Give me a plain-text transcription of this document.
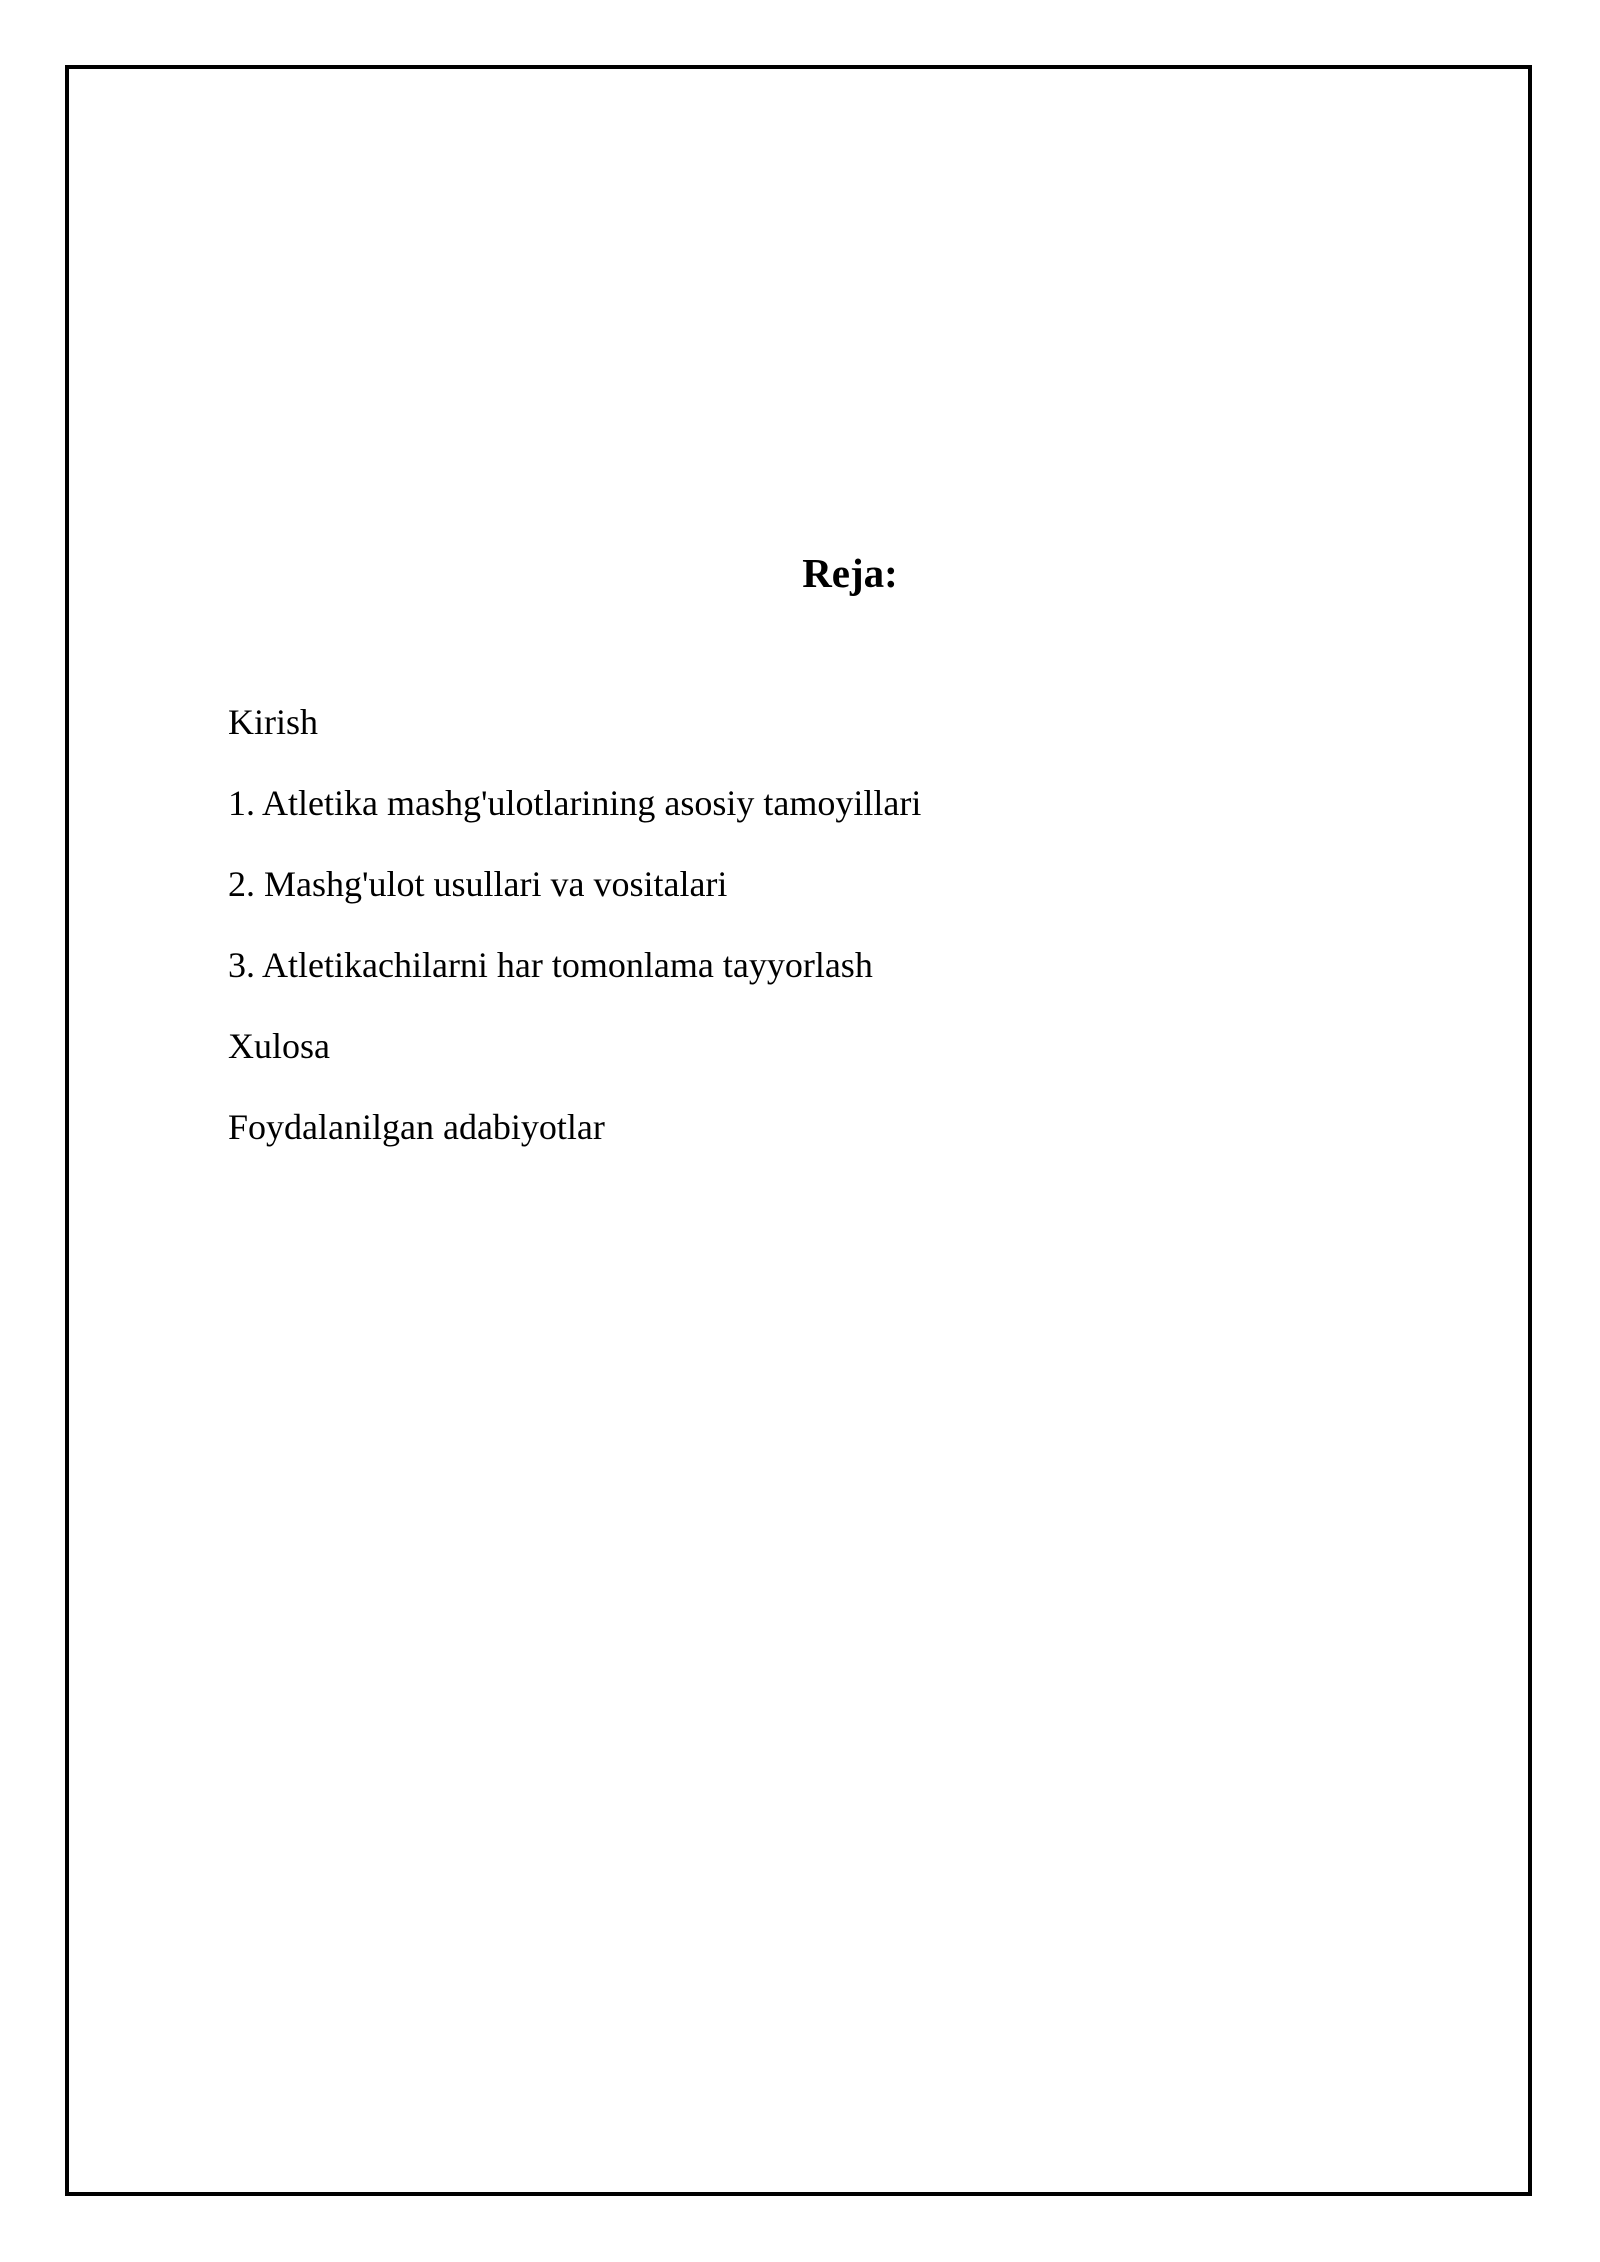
Reja:
Kirish
1. Atletika mashg'ulotlarining asosiy tamoyillari
2. Mashg'ulot usullari va vositalari
3. Atletikachilarni har tomonlama tayyorlash
Xulosa
Foydalanilgan adabiyotlar
